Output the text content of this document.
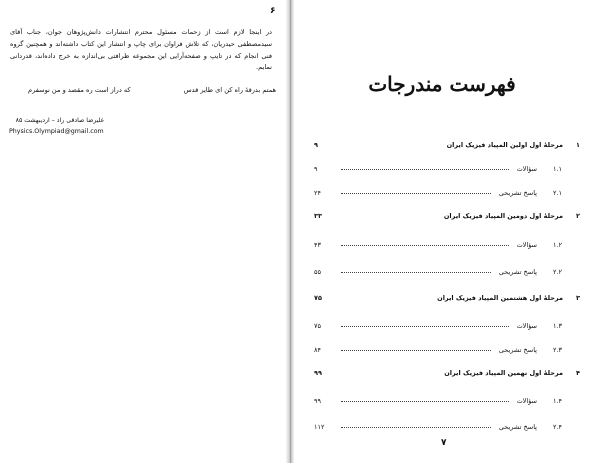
۶
در اینجا لازم است از زحمات مسئول محترم انتشارات دانش‌پژوهان جوان، جناب آقای سیدمصطفی حیدریان، که تلاش فراوان برای چاپ و انتشار این کتاب داشته‌اند و همچنین گروه فنی انجام که در تایپ و صفحه‌آرایی این مجموعه ظرافتی بی‌اندازه به خرج داده‌اند، قدردانی نمایم.
همتم بدرقهٔ راه کن ای طایر قدس
که دراز است ره مقصد و من نوسفرم
علیرضا صادقی راد – اردیبهشت ۸۵
Physics.Olympiad@gmail.com
فهرست مندرجات
۹	مرحلهٔ اول اولین المپیاد فیزیک ایران ۱
۹	سؤالات ۱.۱
۲۴	پاسخ تشریحی ۲.۱
۳۳	مرحلهٔ اول دومین المپیاد فیزیک ایران ۲
۴۳	سؤالات ۱.۲
۵۵	پاسخ تشریحی ۲.۲
۷۵	مرحلهٔ اول هشتمین المپیاد فیزیک ایران ۳
۷۵	سؤالات ۱.۳
۸۴	پاسخ تشریحی ۲.۳
۹۹	مرحلهٔ اول نهمین المپیاد فیزیک ایران ۴
۹۹	سؤالات ۱.۴
۱۱۲	پاسخ تشریحی ۲.۴
۷
